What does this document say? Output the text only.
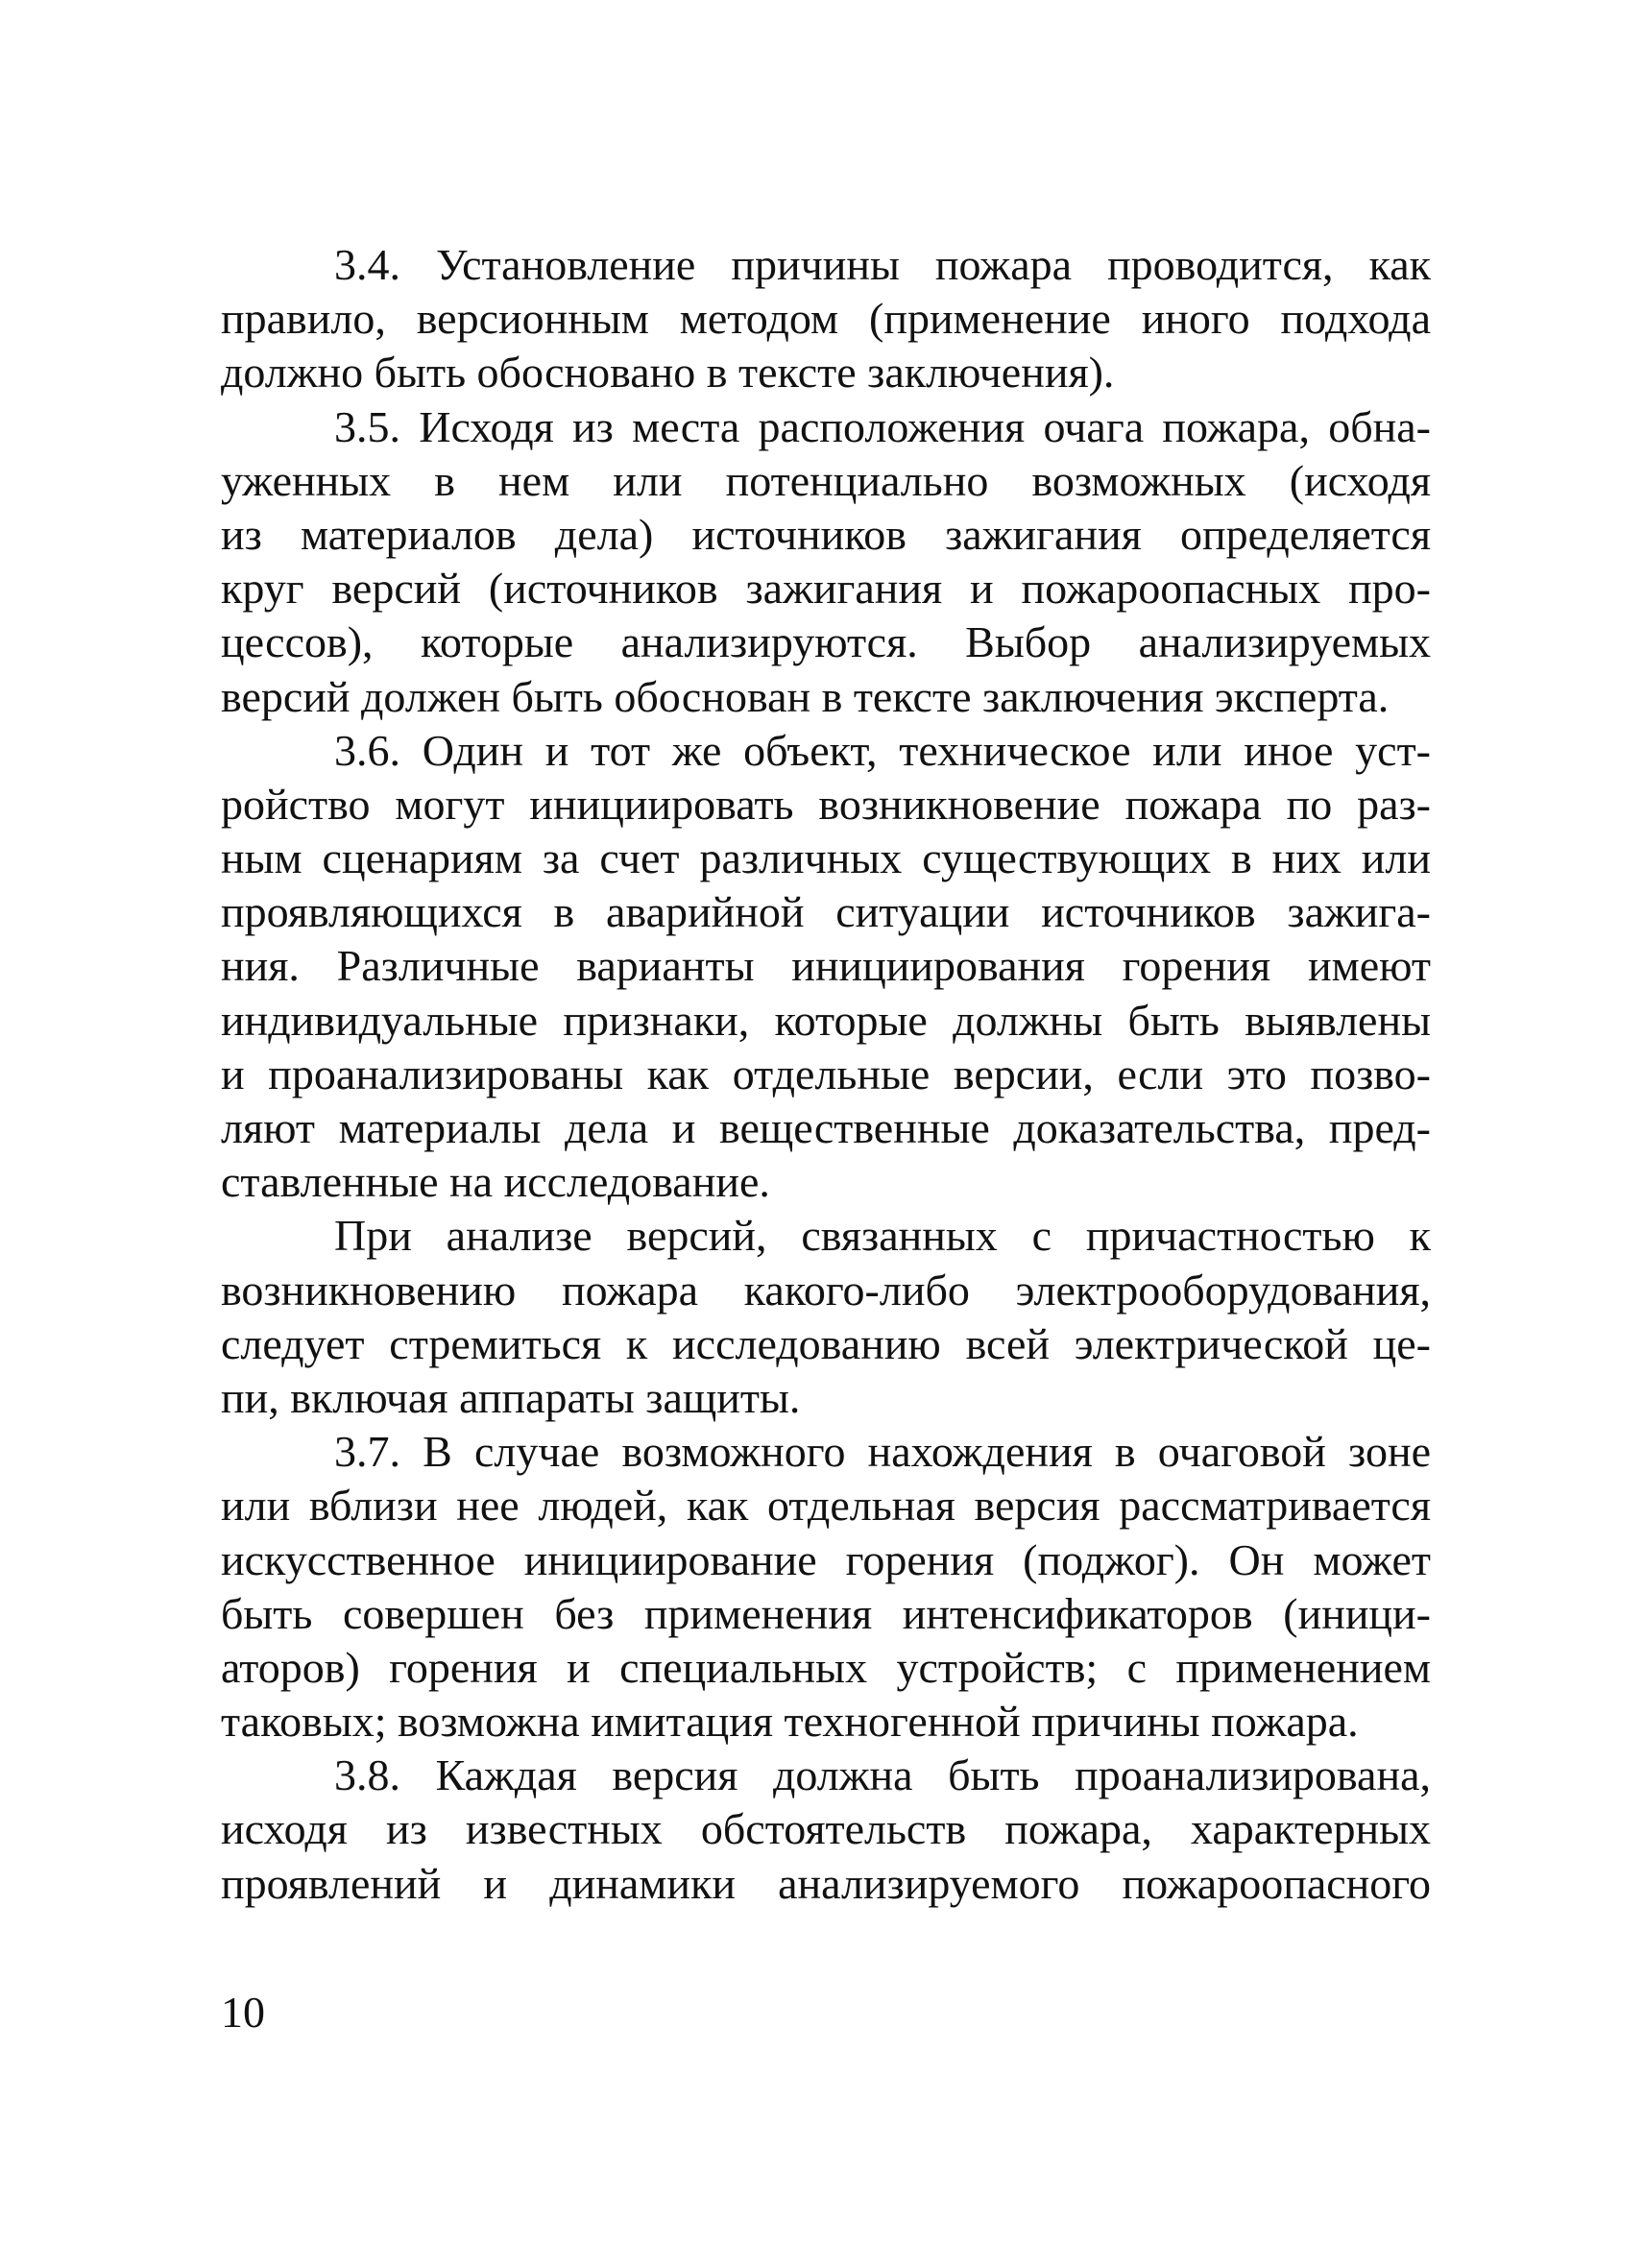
3.4. Установление причины пожара проводится, как
правило, версионным методом (применение иного подхода
должно быть обосновано в тексте заключения).
3.5. Исходя из места расположения очага пожара, обна-
уженных в нем или потенциально возможных (исходя
из материалов дела) источников зажигания определяется
круг версий (источников зажигания и пожароопасных про-
цессов), которые анализируются. Выбор анализируемых
версий должен быть обоснован в тексте заключения эксперта.
3.6. Один и тот же объект, техническое или иное уст-
ройство могут инициировать возникновение пожара по раз-
ным сценариям за счет различных существующих в них или
проявляющихся в аварийной ситуации источников зажига-
ния. Различные варианты инициирования горения имеют
индивидуальные признаки, которые должны быть выявлены
и проанализированы как отдельные версии, если это позво-
ляют материалы дела и вещественные доказательства, пред-
ставленные на исследование.
При анализе версий, связанных с причастностью к
возникновению пожара какого-либо электрооборудования,
следует стремиться к исследованию всей электрической це-
пи, включая аппараты защиты.
3.7. В случае возможного нахождения в очаговой зоне
или вблизи нее людей, как отдельная версия рассматривается
искусственное инициирование горения (поджог). Он может
быть совершен без применения интенсификаторов (иници-
аторов) горения и специальных устройств; с применением
таковых; возможна имитация техногенной причины пожара.
3.8. Каждая версия должна быть проанализирована,
исходя из известных обстоятельств пожара, характерных
проявлений и динамики анализируемого пожароопасного
10
